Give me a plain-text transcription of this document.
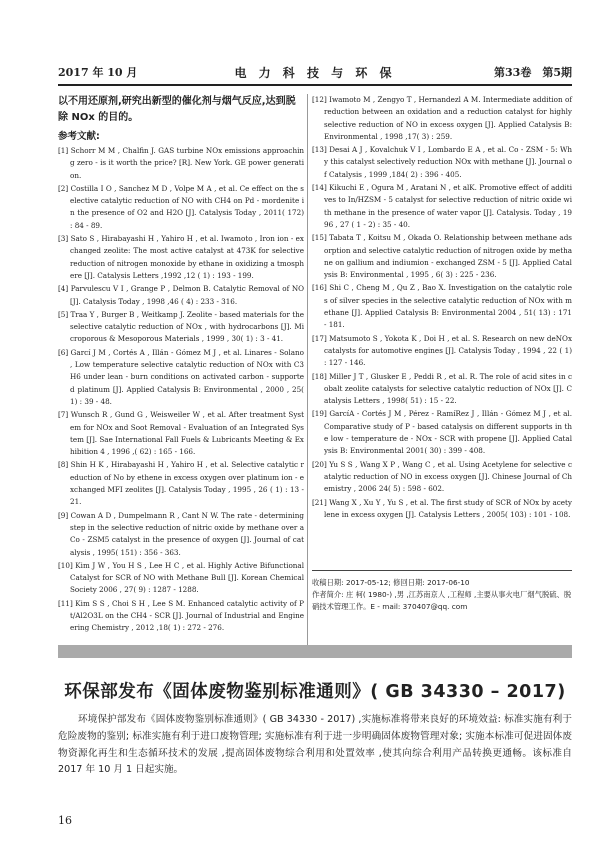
2017 年 10 月	电 力 科 技 与 环 保	第33卷　第5期

以不用还原剂,研究出新型的催化剂与烟气反应,达到脱除 NOx 的目的。

参考文献:

[1] Schorr M M , Chalfin J. GAS turbine NOx emissions approaching zero - is it worth the price? [R]. New York. GE power generation.

[2] Costilla I O , Sanchez M D , Volpe M A , et al. Ce effect on the selective catalytic reduction of NO with CH4 on Pd - mordenite in the presence of O2 and H2O [J]. Catalysis Today , 2011( 172) : 84 - 89.

[3] Sato S , Hirabayashi H , Yahiro H , et al. Iwamoto , Iron ion - exchanged zeolite: The most active catalyst at 473K for selective reduction of nitrogen monoxide by ethane in oxidizing a tmosphere [J]. Catalysis Letters ,1992 ,12 ( 1) : 193 - 199.

[4] Parvulescu V I , Grange P , Delmon B. Catalytic Removal of NO [J]. Catalysis Today , 1998 ,46 ( 4) : 233 - 316.

[5] Traa Y , Burger B , Weitkamp J. Zeolite - based materials for the selective catalytic reduction of NOx , with hydrocarbons [J]. Microporous & Mesoporous Materials , 1999 , 30( 1) : 3 - 41.

[6] Garcí J M , Cortés A , Illán - Gómez M J , et al. Linares - Solano , Low temperature selective catalytic reduction of NOx with C3H6 under lean - burn conditions on activated carbon - supported platinum [J]. Applied Catalysis B: Environmental , 2000 , 25( 1) : 39 - 48.

[7] Wunsch R , Gund G , Weisweiler W , et al. After treatment System for NOx and Soot Removal - Evaluation of an Integrated System [J]. Sae International Fall Fuels & Lubricants Meeting & Exhibition 4 , 1996 ,( 62) : 165 - 166.

[8] Shin H K , Hirabayashi H , Yahiro H , et al. Selective catalytic reduction of No by ethene in excess oxygen over platinum ion - exchanged MFI zeolites [J]. Catalysis Today , 1995 , 26 ( 1) : 13 - 21.

[9] Cowan A D , Dumpelmann R , Cant N W. The rate - determining step in the selective reduction of nitric oxide by methane over a Co - ZSM5 catalyst in the presence of oxygen [J]. Journal of catalysis , 1995( 151) : 356 - 363.

[10] Kim J W , You H S , Lee H C , et al. Highly Active Bifunctional Catalyst for SCR of NO with Methane Bull [J]. Korean Chemical Society 2006 , 27( 9) : 1287 - 1288.

[11] Kim S S , Choi S H , Lee S M. Enhanced catalytic activity of Pt/Al2O3L on the CH4 - SCR [J]. Journal of Industrial and Engineering Chemistry , 2012 ,18( 1) : 272 - 276.

[12] Iwamoto M , Zengyo T , Hernandezl A M. Intermediate addition of reduction between an oxidation and a reduction catalyst for highly selective reduction of NO in excess oxygen [J]. Applied Catalysis B: Environmental , 1998 ,17( 3) : 259.

[13] Desai A J , Kovalchuk V I , Lombardo E A , et al. Co - ZSM - 5: Why this catalyst selectively reduction NOx with methane [J]. Journal of Catalysis , 1999 ,184( 2) : 396 - 405.

[14] Kikuchi E , Ogura M , Aratani N , et alK. Promotive effect of additives to In/HZSM - 5 catalyst for selective reduction of nitric oxide with methane in the presence of water vapor [J]. Catalysis. Today , 1996 , 27 ( 1 - 2) : 35 - 40.

[15] Tabata T , Koitsu M , Okada O. Relationship between methane adsorption and selective catalytic reduction of nitrogen oxide by methane on gallium and indiumion - exchanged ZSM - 5 [J]. Applied Catalysis B: Environmental , 1995 , 6( 3) : 225 - 236.

[16] Shi C , Cheng M , Qu Z , Bao X. Investigation on the catalytic roles of silver species in the selective catalytic reduction of NOx with methane [J]. Applied Catalysis B: Environmental 2004 , 51( 13) : 171 - 181.

[17] Matsumoto S , Yokota K , Doi H , et al. S. Research on new deNOx catalysts for automotive engines [J]. Catalysis Today , 1994 , 22 ( 1) : 127 - 146.

[18] Miller J T , Glusker E , Peddi R , et al. R. The role of acid sites in cobalt zeolite catalysts for selective catalytic reduction of NOx [J]. Catalysis Letters , 1998( 51) : 15 - 22.

[19] GarcíA - Cortés J M , Pérez - RamíRez J , Illán - Gómez M J , et al. Comparative study of P - based catalysis on different supports in the low - temperature de - NOx - SCR with propene [J]. Applied Catalysis B: Environmental 2001( 30) : 399 - 408.

[20] Yu S S , Wang X P , Wang C , et al. Using Acetylene for selective catalytic reduction of NO in excess oxygen [J]. Chinese Journal of Chemistry , 2006 24( 5) : 598 - 602.

[21] Wang X , Xu Y , Yu S , et al. The first study of SCR of NOx by acetylene in excess oxygen [J]. Catalysis Letters , 2005( 103) : 101 - 108.

收稿日期: 2017-05-12; 修回日期: 2017-06-10

作者简介: 庄 柯( 1980-) ,男 ,江苏南京人 ,工程师 ,主要从事火电厂烟气脱硫、脱硝技术管理工作。E - mail: 370407@qq. com

环保部发布《固体废物鉴别标准通则》( GB 34330 – 2017)

环境保护部发布《固体废物鉴别标准通则》( GB 34330 - 2017) ,实施标准将带来良好的环境效益: 标准实施有利于危险废物的鉴别; 标准实施有利于进口废物管理; 实施标准有利于进一步明确固体废物管理对象; 实施本标准可促进固体废物资源化再生和生态循环技术的发展 ,提高固体废物综合利用和处置效率 ,使其向综合利用产品转换更通畅。该标准自 2017 年 10 月 1 日起实施。

16
